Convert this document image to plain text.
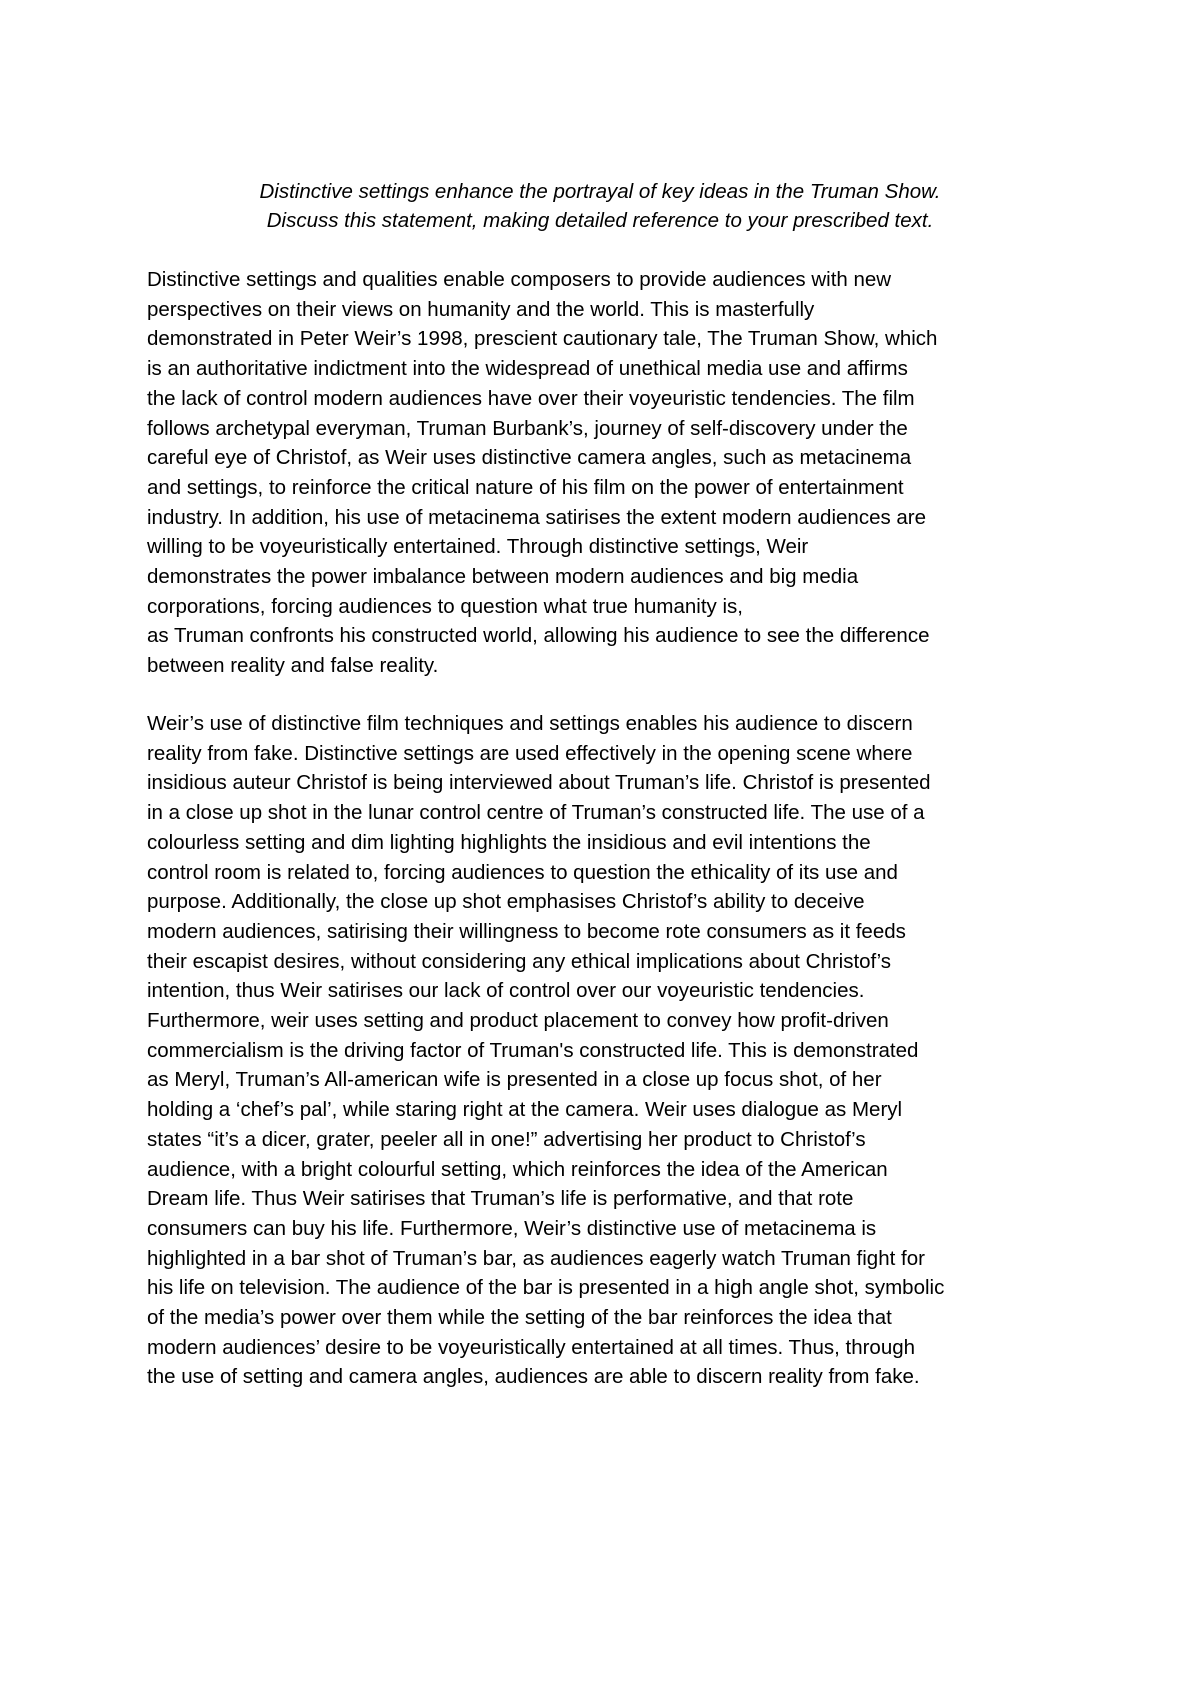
Distinctive settings enhance the portrayal of key ideas in the Truman Show.
Discuss this statement, making detailed reference to your prescribed text.
Distinctive settings and qualities enable composers to provide audiences with new
perspectives on their views on humanity and the world. This is masterfully
demonstrated in Peter Weir’s 1998, prescient cautionary tale, The Truman Show, which
is an authoritative indictment into the widespread of unethical media use and affirms
the lack of control modern audiences have over their voyeuristic tendencies. The film
follows archetypal everyman, Truman Burbank’s, journey of self-discovery under the
careful eye of Christof, as Weir uses distinctive camera angles, such as metacinema
and settings, to reinforce the critical nature of his film on the power of entertainment
industry. In addition, his use of metacinema satirises the extent modern audiences are
willing to be voyeuristically entertained. Through distinctive settings, Weir
demonstrates the power imbalance between modern audiences and big media
corporations, forcing audiences to question what true humanity is,
as Truman confronts his constructed world, allowing his audience to see the difference
between reality and false reality.
Weir’s use of distinctive film techniques and settings enables his audience to discern
reality from fake. Distinctive settings are used effectively in the opening scene where
insidious auteur Christof is being interviewed about Truman’s life. Christof is presented
in a close up shot in the lunar control centre of Truman’s constructed life. The use of a
colourless setting and dim lighting highlights the insidious and evil intentions the
control room is related to, forcing audiences to question the ethicality of its use and
purpose. Additionally, the close up shot emphasises Christof’s ability to deceive
modern audiences, satirising their willingness to become rote consumers as it feeds
their escapist desires, without considering any ethical implications about Christof’s
intention, thus Weir satirises our lack of control over our voyeuristic tendencies.
Furthermore, weir uses setting and product placement to convey how profit-driven
commercialism is the driving factor of Truman's constructed life. This is demonstrated
as Meryl, Truman’s All-american wife is presented in a close up focus shot, of her
holding a ‘chef’s pal’, while staring right at the camera. Weir uses dialogue as Meryl
states “it’s a dicer, grater, peeler all in one!” advertising her product to Christof’s
audience, with a bright colourful setting, which reinforces the idea of the American
Dream life. Thus Weir satirises that Truman’s life is performative, and that rote
consumers can buy his life. Furthermore, Weir’s distinctive use of metacinema is
highlighted in a bar shot of Truman’s bar, as audiences eagerly watch Truman fight for
his life on television. The audience of the bar is presented in a high angle shot, symbolic
of the media’s power over them while the setting of the bar reinforces the idea that
modern audiences’ desire to be voyeuristically entertained at all times. Thus, through
the use of setting and camera angles, audiences are able to discern reality from fake.
